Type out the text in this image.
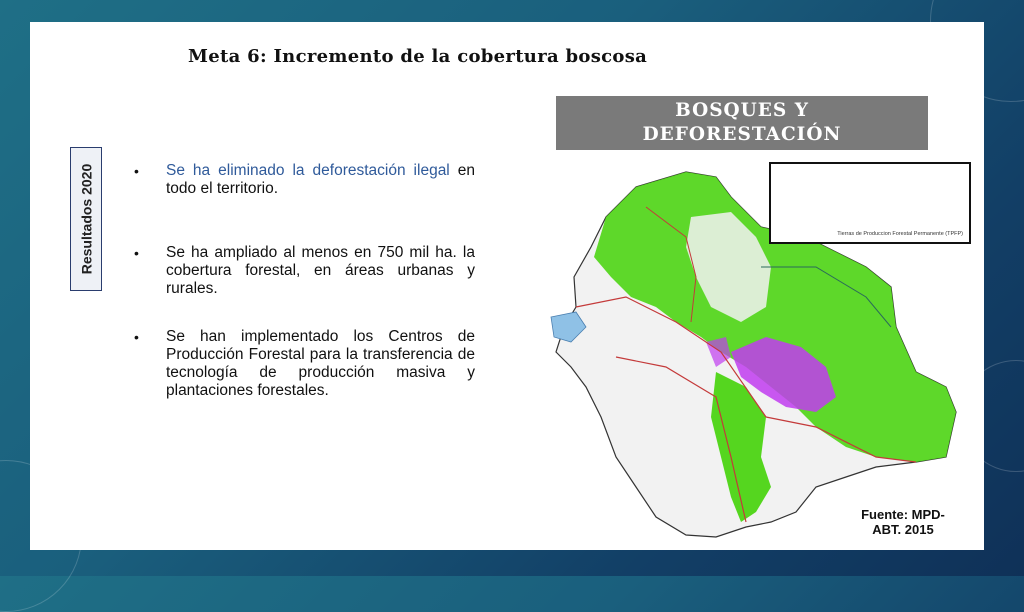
Meta 6: Incremento de la cobertura boscosa
Resultados 2020	• Se ha eliminado la deforestación ilegal en todo el territorio.
• Se ha ampliado al menos en 750 mil ha. la cobertura forestal, en áreas urbanas y rurales.
• Se han implementado los Centros de Producción Forestal para la transferencia de tecnología de producción masiva y plantaciones forestales.
BOSQUES Y
DEFORESTACIÓN
Tierras de Produccion Forestal Permanente (TPFP)
Fuente: MPD-
ABT. 2015
